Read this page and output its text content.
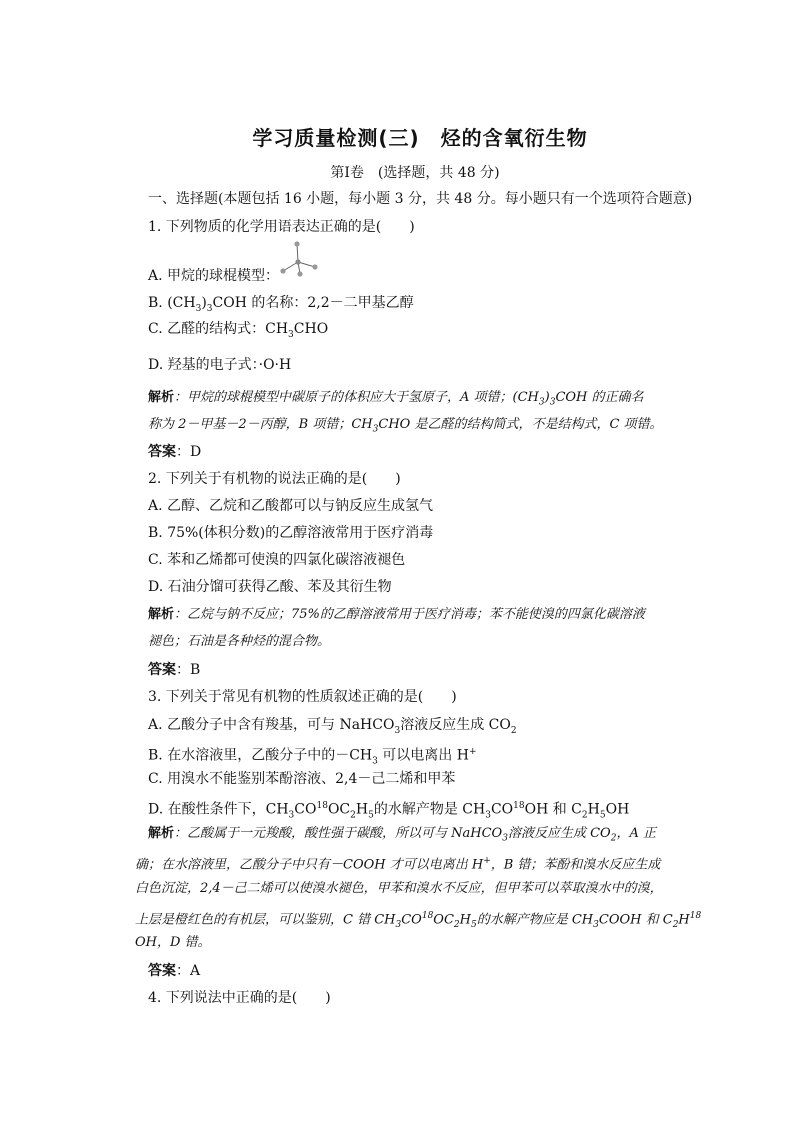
学习质量检测(三)　烃的含氧衍生物
第Ⅰ卷　(选择题，共 48 分)
一、选择题(本题包括 16 小题，每小题 3 分，共 48 分。每小题只有一个选项符合题意)
1. 下列物质的化学用语表达正确的是(　　)
A. 甲烷的球棍模型：
B. $(CH_3)_3COH$ 的名称：2,2－二甲基乙醇
C. 乙醛的结构式：$CH_3CHO$
D. 羟基的电子式：·O·H
解析：甲烷的球棍模型中碳原子的体积应大于氢原子，A 项错；$(CH_3)_3COH$ 的正确名
称为 2－甲基－2－丙醇，B 项错；$CH_3CHO$ 是乙醛的结构简式，不是结构式，C 项错。
答案：D
2. 下列关于有机物的说法正确的是(　　)
A. 乙醇、乙烷和乙酸都可以与钠反应生成氢气
B. 75%(体积分数)的乙醇溶液常用于医疗消毒
C. 苯和乙烯都可使溴的四氯化碳溶液褪色
D. 石油分馏可获得乙酸、苯及其衍生物
解析：乙烷与钠不反应；75%的乙醇溶液常用于医疗消毒；苯不能使溴的四氯化碳溶液
褪色；石油是各种烃的混合物。
答案：B
3. 下列关于常见有机物的性质叙述正确的是(　　)
A. 乙酸分子中含有羧基，可与 NaHCO$_3$溶液反应生成 $CO_2$
B. 在水溶液里，乙酸分子中的$-CH_3$ 可以电离出 H+
C. 用溴水不能鉴别苯酚溶液、2,4－己二烯和甲苯
D. 在酸性条件下，$CH_3CO^{18}OC_2H_5$的水解产物是 $CH_3CO^{18}OH$ 和 $C_2H_5OH$
解析：乙酸属于一元羧酸，酸性强于碳酸，所以可与 NaHCO$_3$溶液反应生成 $CO_2$，A 正
确；在水溶液里，乙酸分子中只有－COOH 才可以电离出 H+，B 错；苯酚和溴水反应生成
白色沉淀，2,4－己二烯可以使溴水褪色，甲苯和溴水不反应，但甲苯可以萃取溴水中的溴，
上层是橙红色的有机层，可以鉴别，C 错 $CH_3CO^{18}OC_2H_5$的水解产物应是 $CH_3COOH$ 和 $C_2H^{18}$
OH，D 错。
答案：A
4. 下列说法中正确的是(　　)
